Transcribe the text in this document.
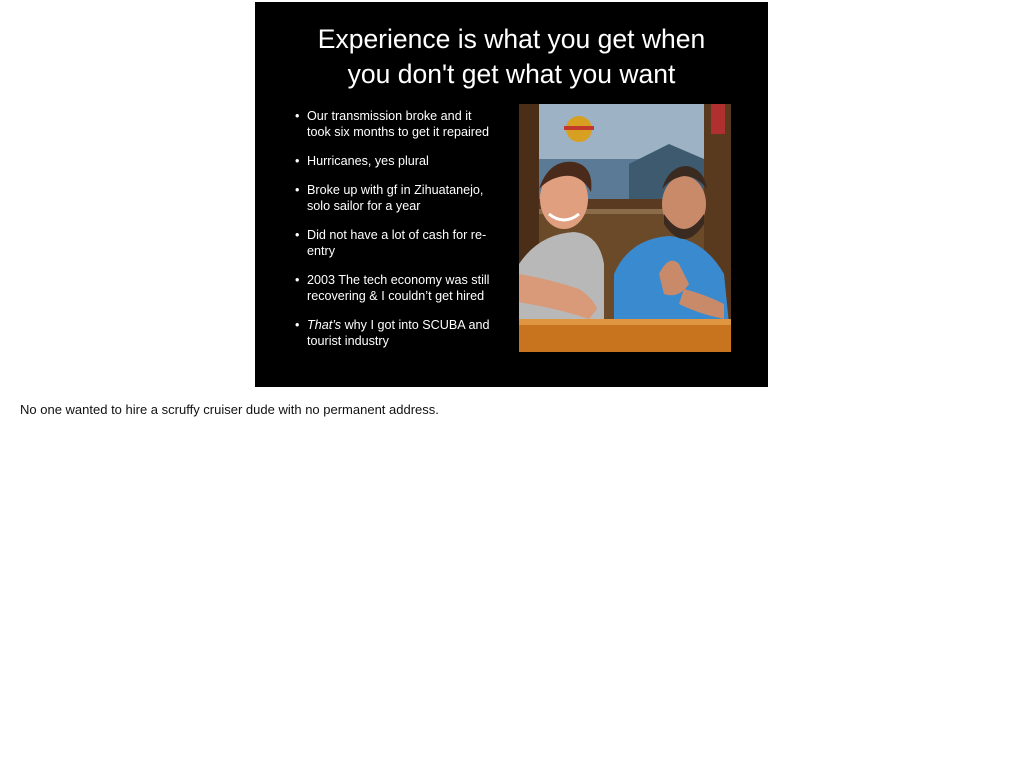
Experience is what you get when
you don't get what you want
• Our transmission broke and it
took six months to get it repaired
• Hurricanes, yes plural
• Broke up with gf in Zihuatanejo,
solo sailor for a year
• Did not have a lot of cash for re-
entry
• 2003 The tech economy was still
recovering & I couldn’t get hired
• That’s why I got into SCUBA and
tourist industry
No one wanted to hire a scruffy cruiser dude with no permanent address.
